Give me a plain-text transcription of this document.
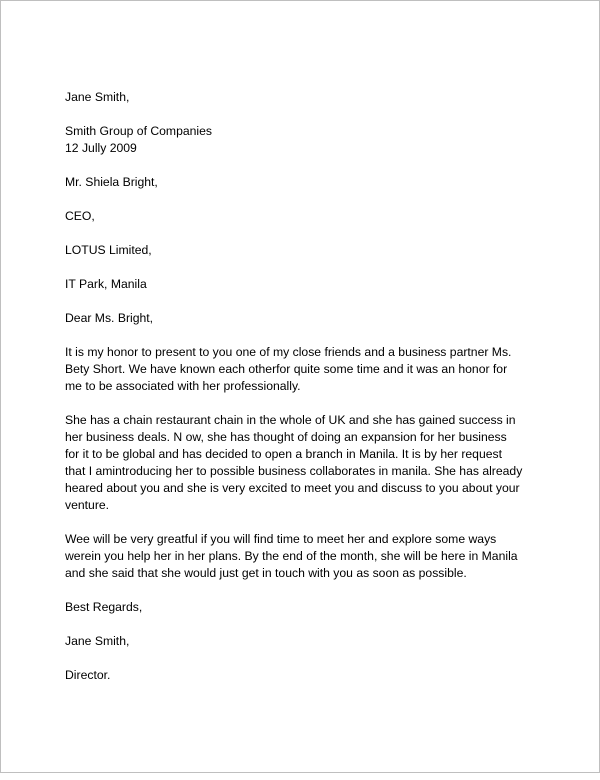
Jane Smith,

Smith Group of Companies

12 Jully 2009

Mr. Shiela Bright,

CEO,

LOTUS Limited,

IT Park, Manila

Dear Ms. Bright,

It is my honor to present to you one of my close friends and a business partner Ms. Bety Short. We have known each otherfor quite some time and it was an honor for me to be associated with her professionally.

She has a chain restaurant chain in the whole of UK and she has gained success in her business deals. N ow, she has thought of doing an expansion for her business for it to be global and has decided to open a branch in Manila. It is by her request that I amintroducing her to possible business collaborates in manila. She has already heared about you and she is very excited to meet you and discuss to you about your venture.

Wee will be very greatful if you will find time to meet her and explore some ways werein you help her in her plans. By the end of the month, she will be here in Manila and she said that she would just get in touch with you as soon as possible.

Best Regards,

Jane Smith,

Director.
